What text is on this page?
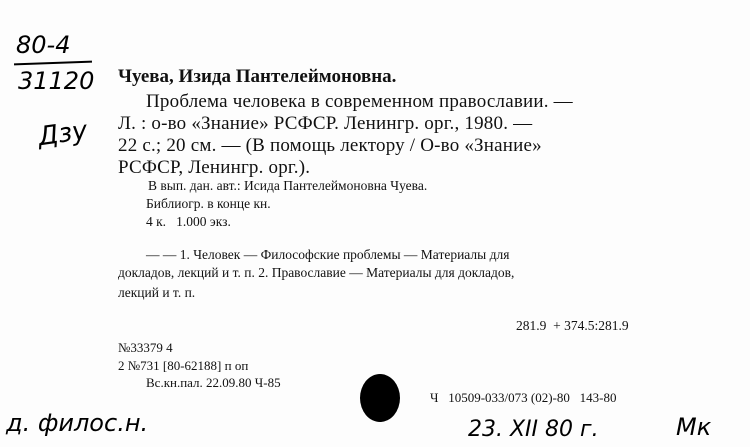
80-4
31120
Дзу
Чуева, Изида Пантелеймоновна.
Проблема человека в современном православии. —
Л. : о-во «Знание» РСФСР. Ленингр. орг., 1980. —
22 с.; 20 см. — (В помощь лектору / О-во «Знание»
РСФСР, Ленингр. орг.).
В вып. дан. авт.: Исида Пантелеймоновна Чуева.
Библиогр. в конце кн.
4 к.   1.000 экз.
— — 1. Человек — Философские проблемы — Материалы для
докладов, лекций и т. п. 2. Православие — Материалы для докладов,
лекций и т. п.
281.9  + 374.5:281.9
№33379 4
2 №731 [80-62188] п оп
Вс.кн.пал. 22.09.80 Ч-85
Ч   10509-033/073 (02)-80   143-80
д. филос.н.	23. XII 80 г.	Мк
